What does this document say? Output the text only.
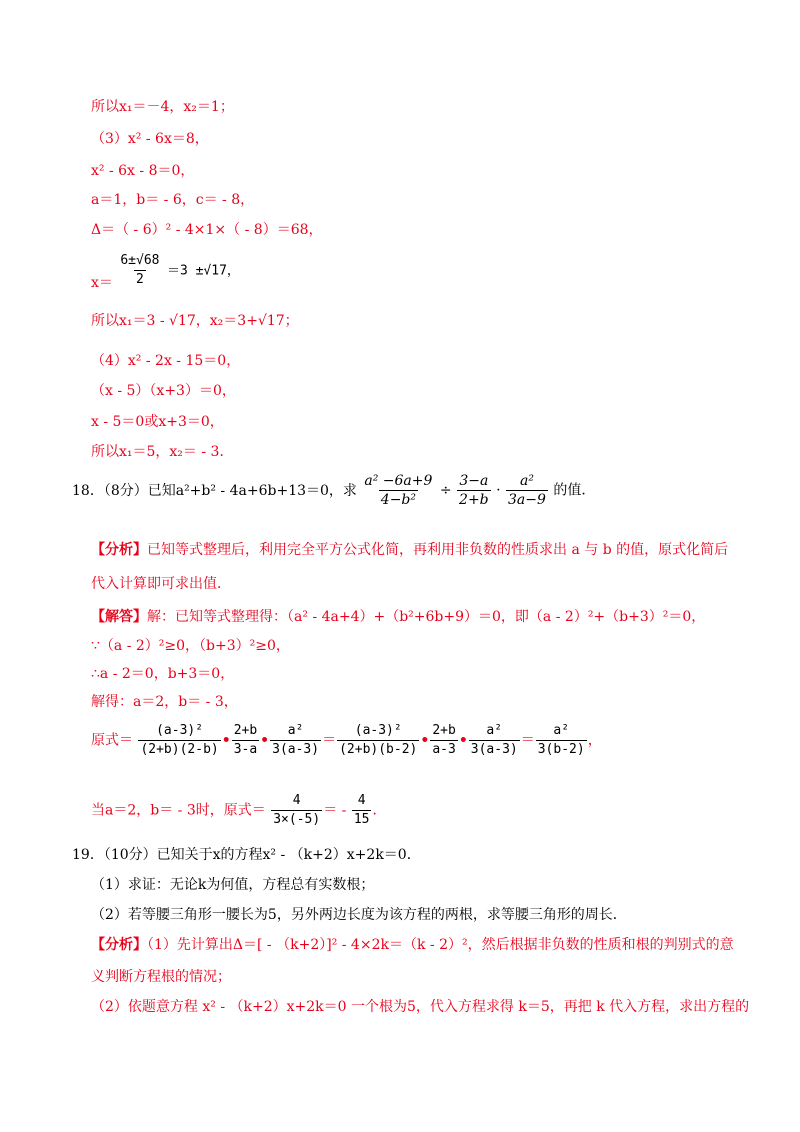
所以x₁＝－4，x₂＝1；
（3）x² - 6x＝8，
x² - 6x - 8＝0，
a＝1，b＝ - 6，c＝ - 8，
Δ＝（ - 6）² - 4×1×（ - 8）＝68，
$x= \frac{6\pm√68}{2} =3 \pm√17$，
所以x₁＝3 - √17，x₂＝3+√17；
（4）x² - 2x - 15＝0，
（x - 5）（x+3）＝0，
x - 5＝0或x+3＝0，
所以x₁＝5，x₂＝ - 3．
18．（8分）已知a²+b² - 4a+6b+13＝0，求 $\frac{\text{a² −6a+9}}{\text{4−b²}} \div \frac{3-a}{2+b} \cdot \frac{\text{a²}}{3a-9}$ 的值．
【分析】已知等式整理后，利用完全平方公式化简，再利用非负数的性质求出 a 与 b 的值，原式化简后
代入计算即可求出值．
【解答】解：已知等式整理得：（a² - 4a+4）+（b²+6b+9）＝0，即（a - 2）²+（b+3）²＝0，
∵（a - 2）²≥0，（b+3）²≥0，
∴a - 2＝0，b+3＝0，
解得：a＝2，b＝ - 3，
原式＝ $\frac{\text{(a-3)²}}{(2+b)(2-b)}$ • $\frac{2+b}{3-a}$ • $\frac{\text{a²}}{3(a-3)} = \frac{\text{(a-3)²}}{(2+b)(b-2)}$ • $\frac{2+b}{a-3}$ • $\frac{\text{a²}}{3(a-3)} = \frac{\text{a²}}{3(b-2)}$ ，
当a＝2，b＝ - 3时，原式＝ $\frac{4}{3\times(-5)}$ ＝ - $\frac{4}{15}$ ．
19．（10分）已知关于x的方程x² - （k+2）x+2k＝0．
（1）求证：无论k为何值，方程总有实数根；
（2）若等腰三角形一腰长为5，另外两边长度为该方程的两根，求等腰三角形的周长．
【分析】（1）先计算出Δ＝[ - （k+2）]² - 4×2k＝（k - 2）²，然后根据非负数的性质和根的判别式的意
义判断方程根的情况；
（2）依题意方程 x² - （k+2）x+2k＝0 一个根为5，代入方程求得 k＝5，再把 k 代入方程，求出方程的
